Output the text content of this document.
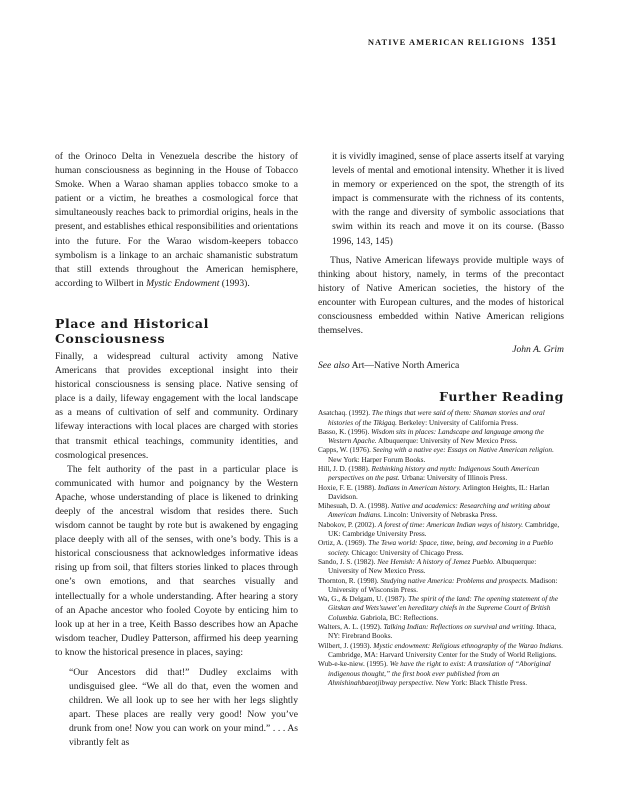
NATIVE AMERICAN RELIGIONS 1351

of the Orinoco Delta in Venezuela describe the history of human consciousness as beginning in the House of Tobacco Smoke. When a Warao shaman applies tobacco smoke to a patient or a victim, he breathes a cosmological force that simultaneously reaches back to primordial origins, heals in the present, and establishes ethical responsibilities and orientations into the future. For the Warao wisdom-keepers tobacco symbolism is a linkage to an archaic shamanistic substratum that still extends throughout the American hemisphere, according to Wilbert in Mystic Endowment (1993).

Place and Historical
Consciousness

Finally, a widespread cultural activity among Native Americans that provides exceptional insight into their historical consciousness is sensing place. Native sensing of place is a daily, lifeway engagement with the local landscape as a means of cultivation of self and community. Ordinary lifeway interactions with local places are charged with stories that transmit ethical teachings, community identities, and cosmological presences.

The felt authority of the past in a particular place is communicated with humor and poignancy by the Western Apache, whose understanding of place is likened to drinking deeply of the ancestral wisdom that resides there. Such wisdom cannot be taught by rote but is awakened by engaging place deeply with all of the senses, with one’s body. This is a historical consciousness that acknowledges informative ideas rising up from soil, that filters stories linked to places through one’s own emotions, and that searches visually and intellectually for a whole understanding. After hearing a story of an Apache ancestor who fooled Coyote by enticing him to look up at her in a tree, Keith Basso describes how an Apache wisdom teacher, Dudley Patterson, affirmed his deep yearning to know the historical presence in places, saying:

“Our Ancestors did that!” Dudley exclaims with undisguised glee. “We all do that, even the women and children. We all look up to see her with her legs slightly apart. These places are really very good! Now you’ve drunk from one! Now you can work on your mind.” . . . As vibrantly felt as

it is vividly imagined, sense of place asserts itself at varying levels of mental and emotional intensity. Whether it is lived in memory or experienced on the spot, the strength of its impact is commensurate with the richness of its contents, with the range and diversity of symbolic associations that swim within its reach and move it on its course. (Basso 1996, 143, 145)

Thus, Native American lifeways provide multiple ways of thinking about history, namely, in terms of the precontact history of Native American societies, the history of the encounter with European cultures, and the modes of historical consciousness embedded within Native American religions themselves.

John A. Grim
See also Art—Native North America
Further Reading
Asatchaq. (1992). The things that were said of them: Shaman stories and oral histories of the Tikigaq. Berkeley: University of California Press.
Basso, K. (1996). Wisdom sits in places: Landscape and language among the Western Apache. Albuquerque: University of New Mexico Press.
Capps, W. (1976). Seeing with a native eye: Essays on Native American religion. New York: Harper Forum Books.
Hill, J. D. (1988). Rethinking history and myth: Indigenous South American perspectives on the past. Urbana: University of Illinois Press.
Hoxie, F. E. (1988). Indians in American history. Arlington Heights, IL: Harlan Davidson.
Mihesuah, D. A. (1998). Native and academics: Researching and writing about American Indians. Lincoln: University of Nebraska Press.
Nabokov, P. (2002). A forest of time: American Indian ways of history. Cambridge, UK: Cambridge University Press.
Ortiz, A. (1969). The Tewa world: Space, time, being, and becoming in a Pueblo society. Chicago: University of Chicago Press.
Sando, J. S. (1982). Nee Hemish: A history of Jemez Pueblo. Albuquerque: University of New Mexico Press.
Thornton, R. (1998). Studying native America: Problems and prospects. Madison: University of Wisconsin Press.
Wa, G., & Delgam, U. (1987). The spirit of the land: The opening statement of the Gitskan and Wets’suwet’en hereditary chiefs in the Supreme Court of British Columbia. Gabriola, BC: Reflections.
Walters, A. L. (1992). Talking Indian: Reflections on survival and writing. Ithaca, NY: Firebrand Books.
Wilbert, J. (1993). Mystic endowment: Religious ethnography of the Warao Indians. Cambridge, MA: Harvard University Center for the Study of World Religions.
Wub-e-ke-niew. (1995). We have the right to exist: A translation of “Aboriginal indigenous thought,” the first book ever published from an Ahnishinahbaeotjibway perspective. New York: Black Thistle Press.
